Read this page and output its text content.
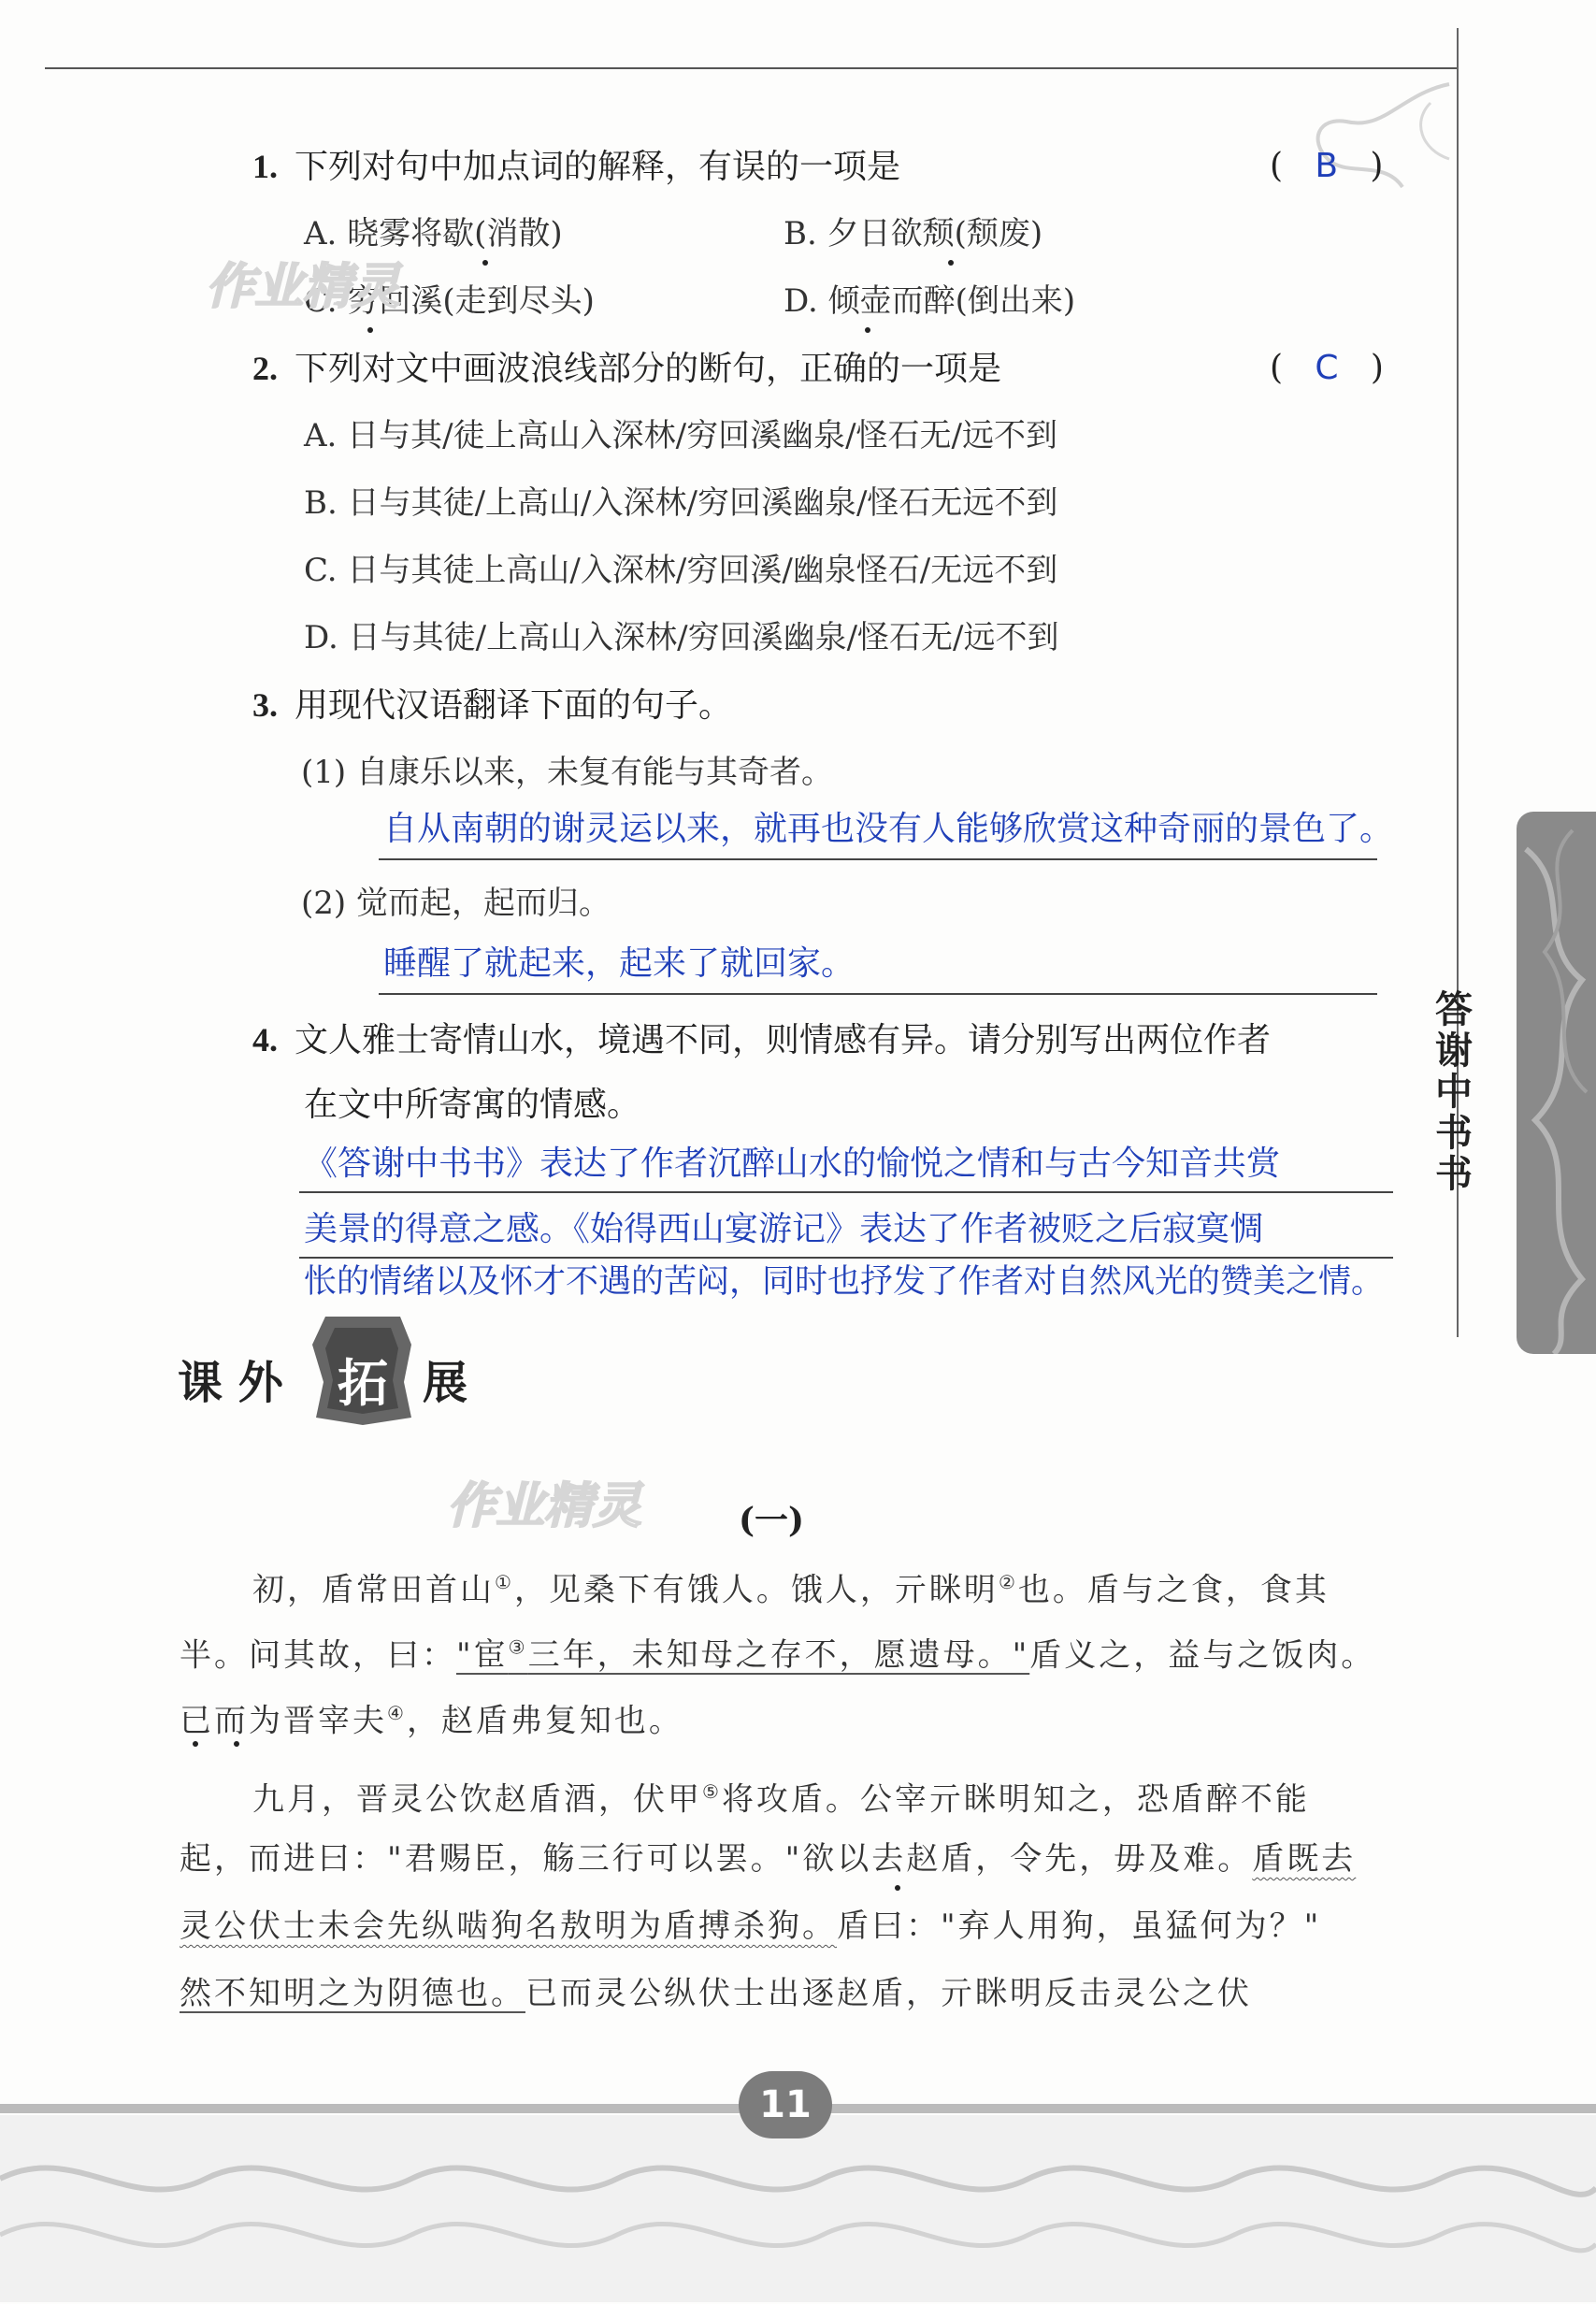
答谢中书书
1. 下列对句中加点词的解释，有误的一项是	(   B   )
A. 晓雾将歇(消散)	B. 夕日欲颓(颓废)
C. 穷回溪(走到尽头)	D. 倾壶而醉(倒出来)
作业精灵
2. 下列对文中画波浪线部分的断句，正确的一项是	(   C   )
A. 日与其/徒上高山入深林/穷回溪幽泉/怪石无/远不到
B. 日与其徒/上高山/入深林/穷回溪幽泉/怪石无远不到
C. 日与其徒上高山/入深林/穷回溪/幽泉怪石/无远不到
D. 日与其徒/上高山入深林/穷回溪幽泉/怪石无/远不到
3. 用现代汉语翻译下面的句子。
(1) 自康乐以来，未复有能与其奇者。
自从南朝的谢灵运以来，就再也没有人能够欣赏这种奇丽的景色了。
(2) 觉而起，起而归。
睡醒了就起来，起来了就回家。
4. 文人雅士寄情山水，境遇不同，则情感有异。请分别写出两位作者
在文中所寄寓的情感。
《答谢中书书》表达了作者沉醉山水的愉悦之情和与古今知音共赏
美景的得意之感。《始得西山宴游记》表达了作者被贬之后寂寞惆
怅的情绪以及怀才不遇的苦闷，同时也抒发了作者对自然风光的赞美之情。
课 外	拓 展
作业精灵	(一)
初，盾常田首山①，见桑下有饿人。饿人，亓眯明②也。盾与之食，食其
半。问其故，曰："宦③三年，未知母之存不，愿遗母。"盾义之，益与之饭肉。
已而为晋宰夫④，赵盾弗复知也。
九月，晋灵公饮赵盾酒，伏甲⑤将攻盾。公宰亓眯明知之，恐盾醉不能
起，而进曰："君赐臣，觞三行可以罢。"欲以去赵盾，令先，毋及难。盾既去
灵公伏士未会先纵啮狗名敖明为盾搏杀狗。盾曰："弃人用狗，虽猛何为？"
然不知明之为阴德也。已而灵公纵伏士出逐赵盾，亓眯明反击灵公之伏
11
